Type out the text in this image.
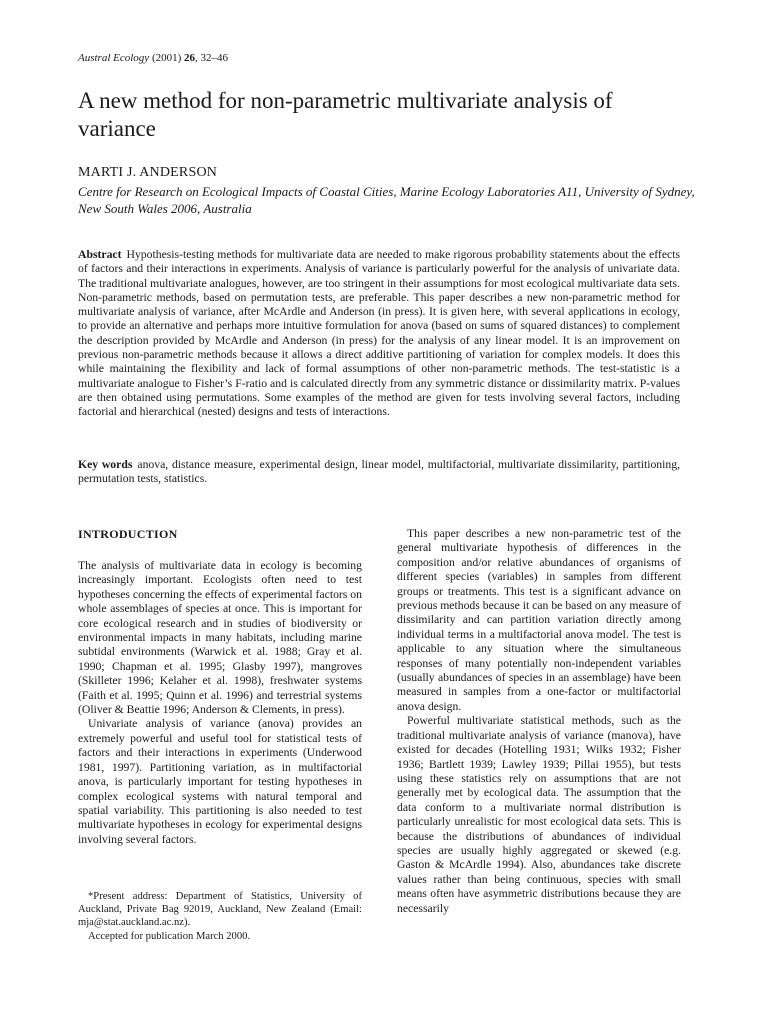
Austral Ecology (2001) 26, 32–46
A new method for non-parametric multivariate analysis of variance
MARTI J. ANDERSON
Centre for Research on Ecological Impacts of Coastal Cities, Marine Ecology Laboratories A11, University of Sydney, New South Wales 2006, Australia
Abstract Hypothesis-testing methods for multivariate data are needed to make rigorous probability statements about the effects of factors and their interactions in experiments. Analysis of variance is particularly powerful for the analysis of univariate data. The traditional multivariate analogues, however, are too stringent in their assumptions for most ecological multivariate data sets. Non-parametric methods, based on permutation tests, are preferable. This paper describes a new non-parametric method for multivariate analysis of variance, after McArdle and Anderson (in press). It is given here, with several applications in ecology, to provide an alternative and perhaps more intuitive formulation for anova (based on sums of squared distances) to complement the description provided by McArdle and Anderson (in press) for the analysis of any linear model. It is an improvement on previous non-parametric methods because it allows a direct additive partitioning of variation for complex models. It does this while maintaining the flexibility and lack of formal assumptions of other non-parametric methods. The test-statistic is a multivariate analogue to Fisher’s F-ratio and is calculated directly from any symmetric distance or dissimilarity matrix. P-values are then obtained using permutations. Some examples of the method are given for tests involving several factors, including factorial and hierarchical (nested) designs and tests of interactions.
Key words anova, distance measure, experimental design, linear model, multifactorial, multivariate dissimilarity, partitioning, permutation tests, statistics.
INTRODUCTION

The analysis of multivariate data in ecology is becoming increasingly important. Ecologists often need to test hypotheses concerning the effects of experimental factors on whole assemblages of species at once. This is important for core ecological research and in studies of biodiversity or environmental impacts in many habitats, including marine subtidal environments (Warwick et al. 1988; Gray et al. 1990; Chapman et al. 1995; Glasby 1997), mangroves (Skilleter 1996; Kelaher et al. 1998), freshwater systems (Faith et al. 1995; Quinn et al. 1996) and terrestrial systems (Oliver & Beattie 1996; Anderson & Clements, in press).

Univariate analysis of variance (anova) provides an extremely powerful and useful tool for statistical tests of factors and their interactions in experiments (Underwood 1981, 1997). Partitioning variation, as in multifactorial anova, is particularly important for testing hypotheses in complex ecological systems with natural temporal and spatial variability. This partitioning is also needed to test multivariate hypotheses in ecology for experimental designs involving several factors.

*Present address: Department of Statistics, University of Auckland, Private Bag 92019, Auckland, New Zealand (Email: mja@stat.auckland.ac.nz).

Accepted for publication March 2000.

This paper describes a new non-parametric test of the general multivariate hypothesis of differences in the composition and/or relative abundances of organisms of different species (variables) in samples from different groups or treatments. This test is a significant advance on previous methods because it can be based on any measure of dissimilarity and can partition variation directly among individual terms in a multifactorial anova model. The test is applicable to any situation where the simultaneous responses of many potentially non-independent variables (usually abundances of species in an assemblage) have been measured in samples from a one-factor or multifactorial anova design.

Powerful multivariate statistical methods, such as the traditional multivariate analysis of variance (manova), have existed for decades (Hotelling 1931; Wilks 1932; Fisher 1936; Bartlett 1939; Lawley 1939; Pillai 1955), but tests using these statistics rely on assumptions that are not generally met by ecological data. The assumption that the data conform to a multivariate normal distribution is particularly unrealistic for most ecological data sets. This is because the distributions of abundances of individual species are usually highly aggregated or skewed (e.g. Gaston & McArdle 1994). Also, abundances take discrete values rather than being continuous, species with small means often have asymmetric distributions because they are necessarily
